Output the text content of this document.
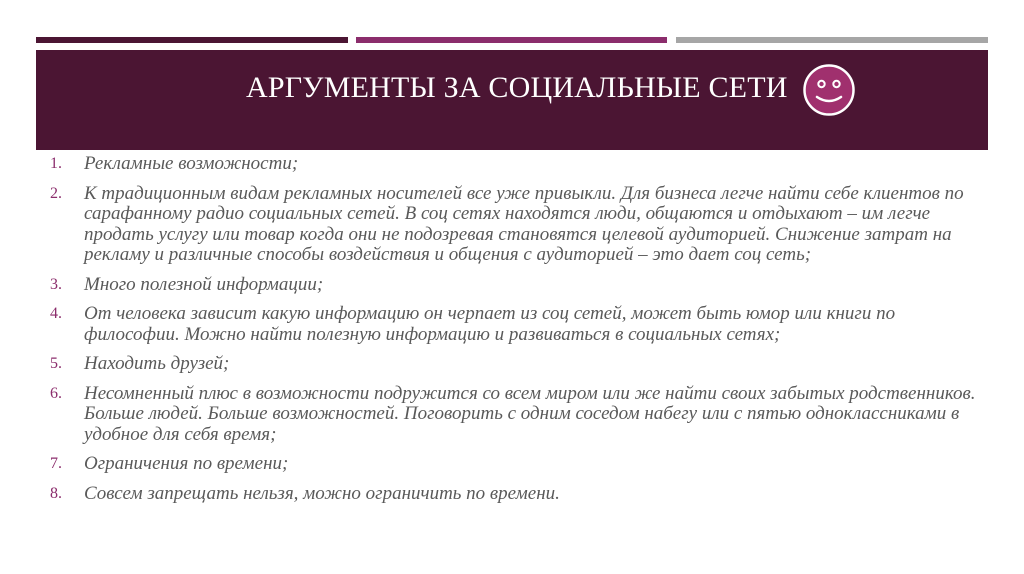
АРГУМЕНТЫ ЗА СОЦИАЛЬНЫЕ СЕТИ
1.	Рекламные возможности;
2.	К традиционным видам рекламных носителей все уже привыкли. Для бизнеса легче найти себе клиентов по сарафанному радио социальных сетей. В соц сетях находятся люди, общаются и отдыхают – им легче продать услугу или товар когда они не подозревая становятся целевой аудиторией. Снижение затрат на рекламу и различные способы воздействия и общения с аудиторией – это дает соц сеть;
3.	Много полезной информации;
4.	От человека зависит какую информацию он черпает из соц сетей, может быть юмор или книги по философии. Можно найти полезную информацию и развиваться в социальных сетях;
5.	Находить друзей;
6.	Несомненный плюс в возможности подружится со всем миром или же найти своих забытых родственников. Больше людей. Больше возможностей. Поговорить с одним соседом набегу или с пятью одноклассниками в удобное для себя время;
7.	Ограничения по времени;
8.	Совсем запрещать нельзя, можно ограничить по времени.
